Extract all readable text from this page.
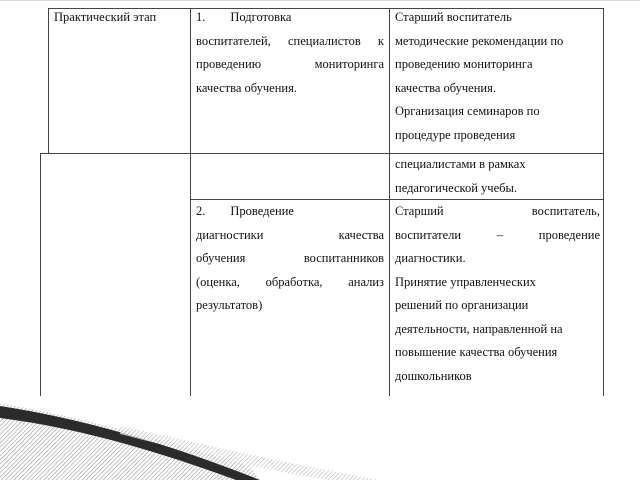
Практический этап	1.  Подготовка
воспитателей, специалистов к
проведению мониторинга
качества обучения.
Старший воспитатель
методические рекомендации по
проведению мониторинга
качества обучения.
Организация семинаров по
процедуре проведения
специалистами в рамках
педагогической учебы.
2.  Проведение
диагностики качества
обучения воспитанников
(оценка, обработка, анализ
результатов)
Старший воспитатель,
воспитатели – проведение
диагностики.
Принятие управленческих
решений по организации
деятельности, направленной на
повышение качества обучения
дошкольников
